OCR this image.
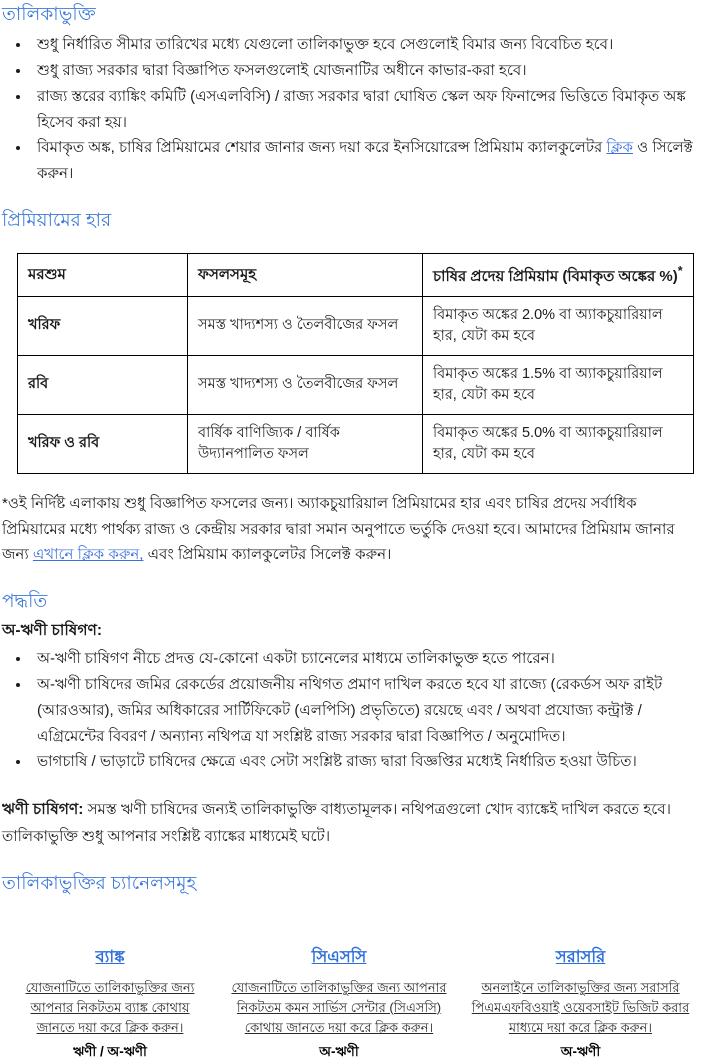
তালিকাভুক্তি
• শুধু নির্ধারিত সীমার তারিখের মধ্যে যেগুলো তালিকাভুক্ত হবে সেগুলোই বিমার জন্য বিবেচিত হবে।
• শুধু রাজ্য সরকার দ্বারা বিজ্ঞাপিত ফসলগুলোই যোজনাটির অধীনে কাভার-করা হবে।
• রাজ্য স্তরের ব্যাঙ্কিং কমিটি (এসএলবিসি) / রাজ্য সরকার দ্বারা ঘোষিত স্কেল অফ ফিনান্সের ভিত্তিতে বিমাকৃত অঙ্ক হিসেব করা হয়।
• বিমাকৃত অঙ্ক, চাষির প্রিমিয়ামের শেয়ার জানার জন্য দয়া করে ইনসিয়োরেন্স প্রিমিয়াম ক্যালকুলেটর ক্লিক ও সিলেক্ট করুন।
প্রিমিয়ামের হার
মরশুম	ফসলসমূহ	চাষির প্রদেয় প্রিমিয়াম (বিমাকৃত অঙ্কের %)*
খরিফ	সমস্ত খাদ্যশস্য ও তৈলবীজের ফসল	বিমাকৃত অঙ্কের 2.0% বা অ্যাকচুয়ারিয়াল হার, যেটা কম হবে
রবি	সমস্ত খাদ্যশস্য ও তৈলবীজের ফসল	বিমাকৃত অঙ্কের 1.5% বা অ্যাকচুয়ারিয়াল হার, যেটা কম হবে
খরিফ ও রবি	বার্ষিক বাণিজ্যিক / বার্ষিক উদ্যানপালিত ফসল	বিমাকৃত অঙ্কের 5.0% বা অ্যাকচুয়ারিয়াল হার, যেটা কম হবে

*ওই নির্দিষ্ট এলাকায় শুধু বিজ্ঞাপিত ফসলের জন্য। অ্যাকচুয়ারিয়াল প্রিমিয়ামের হার এবং চাষির প্রদেয় সর্বাধিক প্রিমিয়ামের মধ্যে পার্থক্য রাজ্য ও কেন্দ্রীয় সরকার দ্বারা সমান অনুপাতে ভর্তুকি দেওয়া হবে। আমাদের প্রিমিয়াম জানার জন্য এখানে ক্লিক করুন, এবং প্রিমিয়াম ক্যালকুলেটর সিলেক্ট করুন।

পদ্ধতি

অ-ঋণী চাষিগণ:

• অ-ঋণী চাষিগণ নীচে প্রদত্ত যে-কোনো একটা চ্যানেলের মাধ্যমে তালিকাভুক্ত হতে পারেন।
• অ-ঋণী চাষিদের জমির রেকর্ডের প্রয়োজনীয় নথিগত প্রমাণ দাখিল করতে হবে যা রাজ্যে (রেকর্ডস অফ রাইট (আরওআর), জমির অধিকারের সার্টিফিকেট (এলপিসি) প্রভৃতিতে) রয়েছে এবং / অথবা প্রযোজ্য কন্ট্রাক্ট / এগ্রিমেন্টের বিবরণ / অন্যান্য নথিপত্র যা সংশ্লিষ্ট রাজ্য সরকার দ্বারা বিজ্ঞাপিত / অনুমোদিত।
• ভাগচাষি / ভাড়াটে চাষিদের ক্ষেত্রে এবং সেটা সংশ্লিষ্ট রাজ্য দ্বারা বিজ্ঞপ্তির মধ্যেই নির্ধারিত হওয়া উচিত।

ঋণী চাষিগণ: সমস্ত ঋণী চাষিদের জন্যই তালিকাভুক্তি বাধ্যতামূলক। নথিপত্রগুলো খোদ ব্যাঙ্কেই দাখিল করতে হবে। তালিকাভুক্তি শুধু আপনার সংশ্লিষ্ট ব্যাঙ্কের মাধ্যমেই ঘটে।

তালিকাভুক্তির চ্যানেলসমূহ
ব্যাঙ্ক
যোজনাটিতে তালিকাভুক্তির জন্য আপনার নিকটতম ব্যাঙ্ক কোথায় জানতে দয়া করে ক্লিক করুন।
ঋণী / অ-ঋণী
সিএসসি
যোজনাটিতে তালিকাভুক্তির জন্য আপনার নিকটতম কমন সার্ভিস সেন্টার (সিএসসি) কোথায় জানতে দয়া করে ক্লিক করুন।
অ-ঋণী
সরাসরি
অনলাইনে তালিকাভুক্তির জন্য সরাসরি পিএমএফবিওয়াই ওয়েবসাইট ভিজিট করার মাধ্যমে দয়া করে ক্লিক করুন।
অ-ঋণী
